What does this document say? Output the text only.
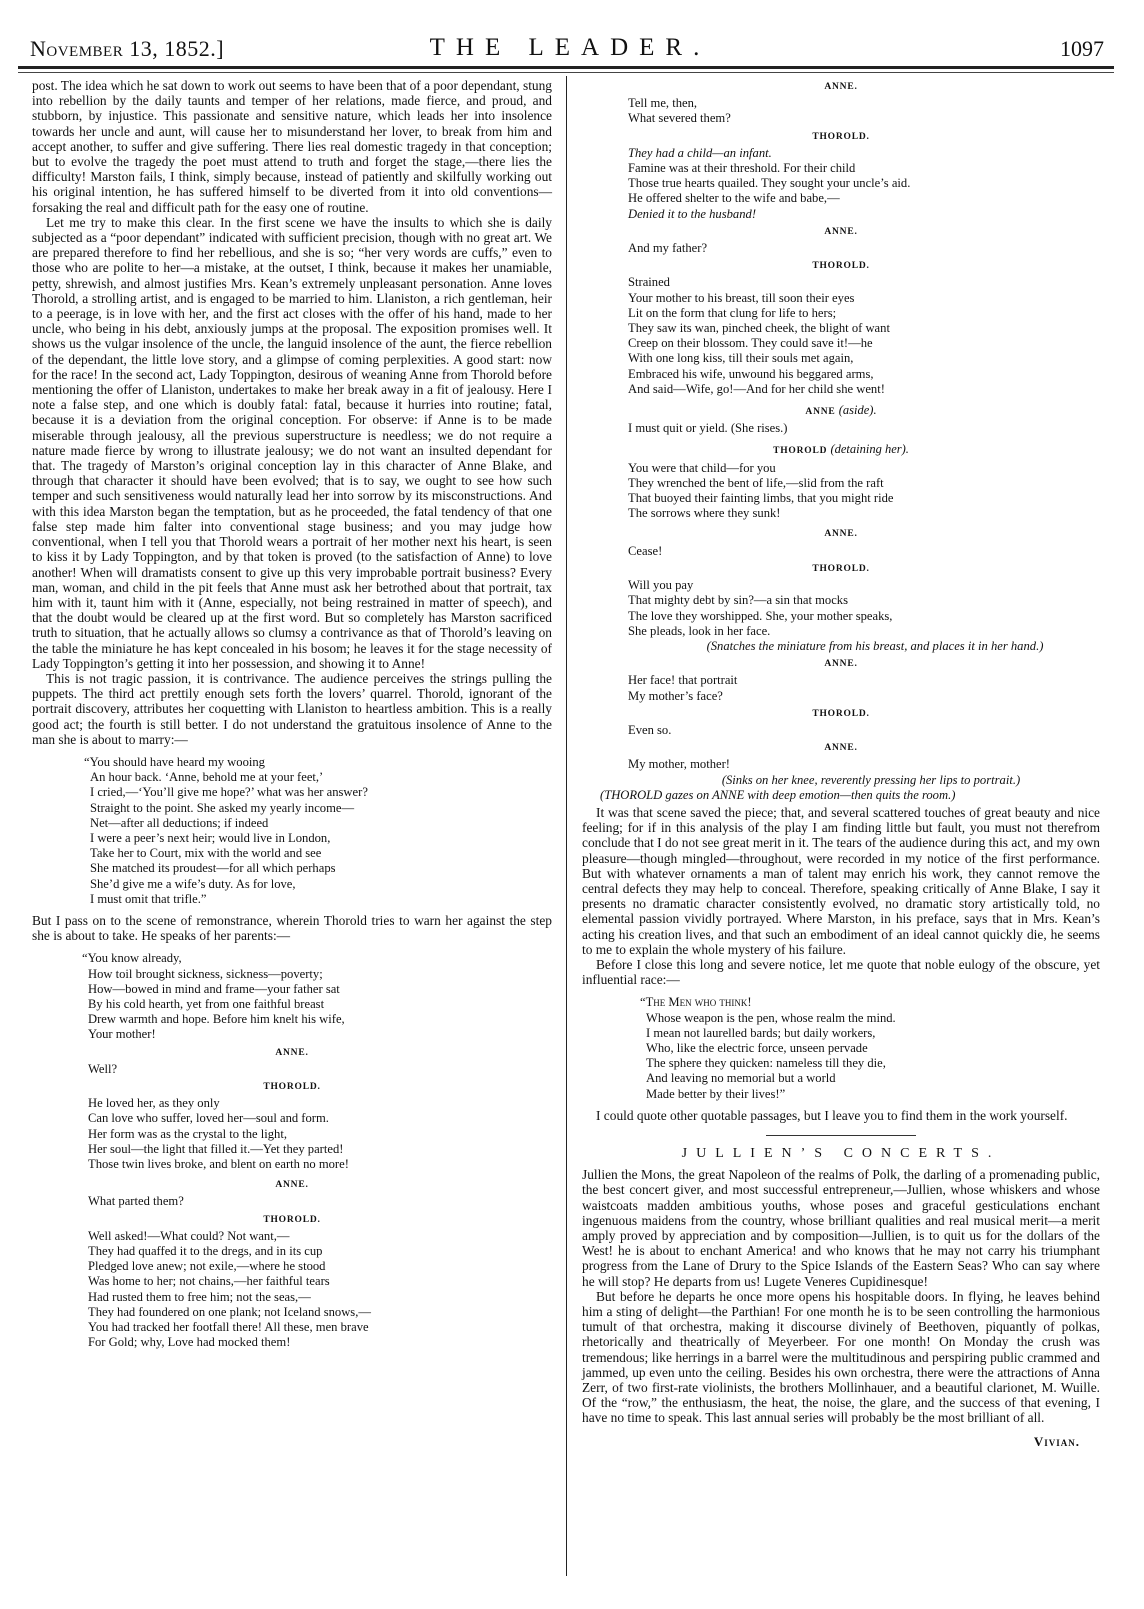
November 13, 1852.]	THE LEADER.	1097

post. The idea which he sat down to work out seems to have been that of a poor dependant, stung into rebellion by the daily taunts and temper of her relations, made fierce, and proud, and stubborn, by injustice. This passionate and sensitive nature, which leads her into insolence towards her uncle and aunt, will cause her to misunderstand her lover, to break from him and accept another, to suffer and give suffering. There lies real domestic tragedy in that conception; but to evolve the tragedy the poet must attend to truth and forget the stage,—there lies the difficulty! Marston fails, I think, simply because, instead of patiently and skilfully working out his original intention, he has suffered himself to be diverted from it into old conventions—forsaking the real and difficult path for the easy one of routine.

Let me try to make this clear. In the first scene we have the insults to which she is daily subjected as a “poor dependant” indicated with sufficient precision, though with no great art. We are prepared therefore to find her rebellious, and she is so; “her very words are cuffs,” even to those who are polite to her—a mistake, at the outset, I think, because it makes her unamiable, petty, shrewish, and almost justifies Mrs. Kean’s extremely unpleasant personation. Anne loves Thorold, a strolling artist, and is engaged to be married to him. Llaniston, a rich gentleman, heir to a peerage, is in love with her, and the first act closes with the offer of his hand, made to her uncle, who being in his debt, anxiously jumps at the proposal. The exposition promises well. It shows us the vulgar insolence of the uncle, the languid insolence of the aunt, the fierce rebellion of the dependant, the little love story, and a glimpse of coming perplexities. A good start: now for the race! In the second act, Lady Toppington, desirous of weaning Anne from Thorold before mentioning the offer of Llaniston, undertakes to make her break away in a fit of jealousy. Here I note a false step, and one which is doubly fatal: fatal, because it hurries into routine; fatal, because it is a deviation from the original conception. For observe: if Anne is to be made miserable through jealousy, all the previous superstructure is needless; we do not require a nature made fierce by wrong to illustrate jealousy; we do not want an insulted dependant for that. The tragedy of Marston’s original conception lay in this character of Anne Blake, and through that character it should have been evolved; that is to say, we ought to see how such temper and such sensitiveness would naturally lead her into sorrow by its misconstructions. And with this idea Marston began the temptation, but as he proceeded, the fatal tendency of that one false step made him falter into conventional stage business; and you may judge how conventional, when I tell you that Thorold wears a portrait of her mother next his heart, is seen to kiss it by Lady Toppington, and by that token is proved (to the satisfaction of Anne) to love another! When will dramatists consent to give up this very improbable portrait business? Every man, woman, and child in the pit feels that Anne must ask her betrothed about that portrait, tax him with it, taunt him with it (Anne, especially, not being restrained in matter of speech), and that the doubt would be cleared up at the first word. But so completely has Marston sacrificed truth to situation, that he actually allows so clumsy a contrivance as that of Thorold’s leaving on the table the miniature he has kept concealed in his bosom; he leaves it for the stage necessity of Lady Toppington’s getting it into her possession, and showing it to Anne!

This is not tragic passion, it is contrivance. The audience perceives the strings pulling the puppets. The third act prettily enough sets forth the lovers’ quarrel. Thorold, ignorant of the portrait discovery, attributes her coquetting with Llaniston to heartless ambition. This is a really good act; the fourth is still better. I do not understand the gratuitous insolence of Anne to the man she is about to marry:—

“You should have heard my wooing
An hour back. ‘Anne, behold me at your feet,’
I cried,—‘You’ll give me hope?’ what was her answer?
Straight to the point. She asked my yearly income—
Net—after all deductions; if indeed
I were a peer’s next heir; would live in London,
Take her to Court, mix with the world and see
She matched its proudest—for all which perhaps
She’d give me a wife’s duty. As for love,
I must omit that trifle.”

But I pass on to the scene of remonstrance, wherein Thorold tries to warn her against the step she is about to take. He speaks of her parents:—

“You know already,
How toil brought sickness, sickness—poverty;
How—bowed in mind and frame—your father sat
By his cold hearth, yet from one faithful breast
Drew warmth and hope. Before him knelt his wife,
Your mother!
ANNE.
Well?
THOROLD.
He loved her, as they only
Can love who suffer, loved her—soul and form.
Her form was as the crystal to the light,
Her soul—the light that filled it.—Yet they parted!
Those twin lives broke, and blent on earth no more!
ANNE.
What parted them?
THOROLD.
Well asked!—What could? Not want,—
They had quaffed it to the dregs, and in its cup
Pledged love anew; not exile,—where he stood
Was home to her; not chains,—her faithful tears
Had rusted them to free him; not the seas,—
They had foundered on one plank; not Iceland snows,—
You had tracked her footfall there! All these, men brave
For Gold; why, Love had mocked them!
ANNE.
Tell me, then,
What severed them?
THOROLD.
They had a child—an infant.
Famine was at their threshold. For their child
Those true hearts quailed. They sought your uncle’s aid.
He offered shelter to the wife and babe,—
Denied it to the husband!
ANNE.
And my father?
THOROLD.
Strained
Your mother to his breast, till soon their eyes
Lit on the form that clung for life to hers;
They saw its wan, pinched cheek, the blight of want
Creep on their blossom. They could save it!—he
With one long kiss, till their souls met again,
Embraced his wife, unwound his beggared arms,
And said—Wife, go!—And for her child she went!
ANNE (aside).
I must quit or yield. (She rises.)
THOROLD (detaining her).
You were that child—for you
They wrenched the bent of life,—slid from the raft
That buoyed their fainting limbs, that you might ride
The sorrows where they sunk!
ANNE.
Cease!
THOROLD.
Will you pay
That mighty debt by sin?—a sin that mocks
The love they worshipped. She, your mother speaks,
She pleads, look in her face.
(Snatches the miniature from his breast, and places it in her hand.)
ANNE.
Her face! that portrait
My mother’s face?
THOROLD.
Even so.
ANNE.
My mother, mother!
(Sinks on her knee, reverently pressing her lips to portrait.)
(THOROLD gazes on ANNE with deep emotion—then quits the room.)

It was that scene saved the piece; that, and several scattered touches of great beauty and nice feeling; for if in this analysis of the play I am finding little but fault, you must not therefrom conclude that I do not see great merit in it. The tears of the audience during this act, and my own pleasure—though mingled—throughout, were recorded in my notice of the first performance. But with whatever ornaments a man of talent may enrich his work, they cannot remove the central defects they may help to conceal. Therefore, speaking critically of Anne Blake, I say it presents no dramatic character consistently evolved, no dramatic story artistically told, no elemental passion vividly portrayed. Where Marston, in his preface, says that in Mrs. Kean’s acting his creation lives, and that such an embodiment of an ideal cannot quickly die, he seems to me to explain the whole mystery of his failure.

Before I close this long and severe notice, let me quote that noble eulogy of the obscure, yet influential race:—

“The Men who think!
Whose weapon is the pen, whose realm the mind.
I mean not laurelled bards; but daily workers,
Who, like the electric force, unseen pervade
The sphere they quicken: nameless till they die,
And leaving no memorial but a world
Made better by their lives!”

I could quote other quotable passages, but I leave you to find them in the work yourself.

JULLIEN’S CONCERTS.

Jullien the Mons, the great Napoleon of the realms of Polk, the darling of a promenading public, the best concert giver, and most successful entrepreneur,—Jullien, whose whiskers and whose waistcoats madden ambitious youths, whose poses and graceful gesticulations enchant ingenuous maidens from the country, whose brilliant qualities and real musical merit—a merit amply proved by appreciation and by composition—Jullien, is to quit us for the dollars of the West! he is about to enchant America! and who knows that he may not carry his triumphant progress from the Lane of Drury to the Spice Islands of the Eastern Seas? Who can say where he will stop? He departs from us! Lugete Veneres Cupidinesque!

But before he departs he once more opens his hospitable doors. In flying, he leaves behind him a sting of delight—the Parthian! For one month he is to be seen controlling the harmonious tumult of that orchestra, making it discourse divinely of Beethoven, piquantly of polkas, rhetorically and theatrically of Meyerbeer. For one month! On Monday the crush was tremendous; like herrings in a barrel were the multitudinous and perspiring public crammed and jammed, up even unto the ceiling. Besides his own orchestra, there were the attractions of Anna Zerr, of two first-rate violinists, the brothers Mollinhauer, and a beautiful clarionet, M. Wuille. Of the “row,” the enthusiasm, the heat, the noise, the glare, and the success of that evening, I have no time to speak. This last annual series will probably be the most brilliant of all.

Vivian.
